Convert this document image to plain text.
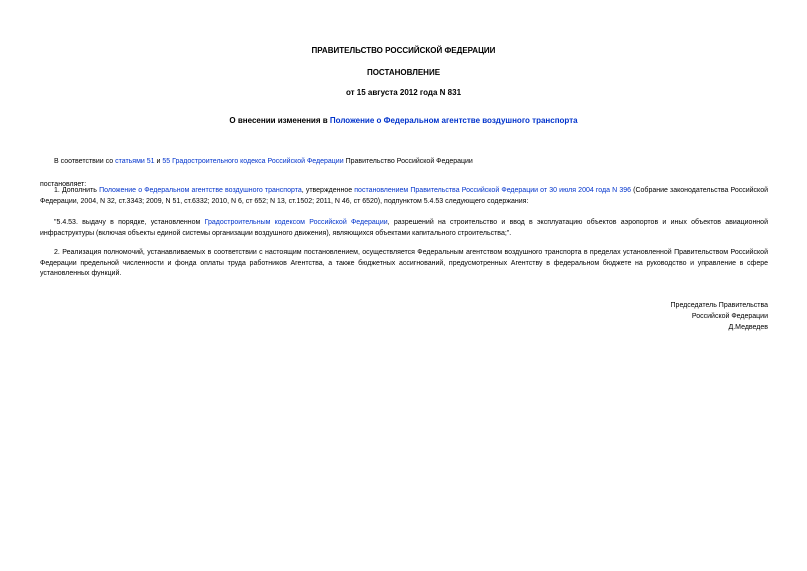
ПРАВИТЕЛЬСТВО РОССИЙСКОЙ ФЕДЕРАЦИИ
ПОСТАНОВЛЕНИЕ
от 15 августа 2012 года N 831
О внесении изменения в Положение о Федеральном агентстве воздушного транспорта
В соответствии со статьями 51 и 55 Градостроительного кодекса Российской Федерации Правительство Российской Федерации
постановляет:
1. Дополнить Положение о Федеральном агентстве воздушного транспорта, утвержденное постановлением Правительства Российской Федерации от 30 июля 2004 года N 396 (Собрание законодательства Российской Федерации, 2004, N 32, ст.3343; 2009, N 51, ст.6332; 2010, N 6, ст 652; N 13, ст.1502; 2011, N 46, ст 6520), подпунктом 5.4.53 следующего содержания:
"5.4.53. выдачу в порядке, установленном Градостроительным кодексом Российской Федерации, разрешений на строительство и ввод в эксплуатацию объектов аэропортов и иных объектов авиационной инфраструктуры (включая объекты единой системы организации воздушного движения), являющихся объектами капитального строительства;".
2. Реализация полномочий, устанавливаемых в соответствии с настоящим постановлением, осуществляется Федеральным агентством воздушного транспорта в пределах установленной Правительством Российской Федерации предельной численности и фонда оплаты труда работников Агентства, а также бюджетных ассигнований, предусмотренных Агентству в федеральном бюджете на руководство и управление в сфере установленных функций.
Председатель Правительства
Российской Федерации
Д.Медведев
